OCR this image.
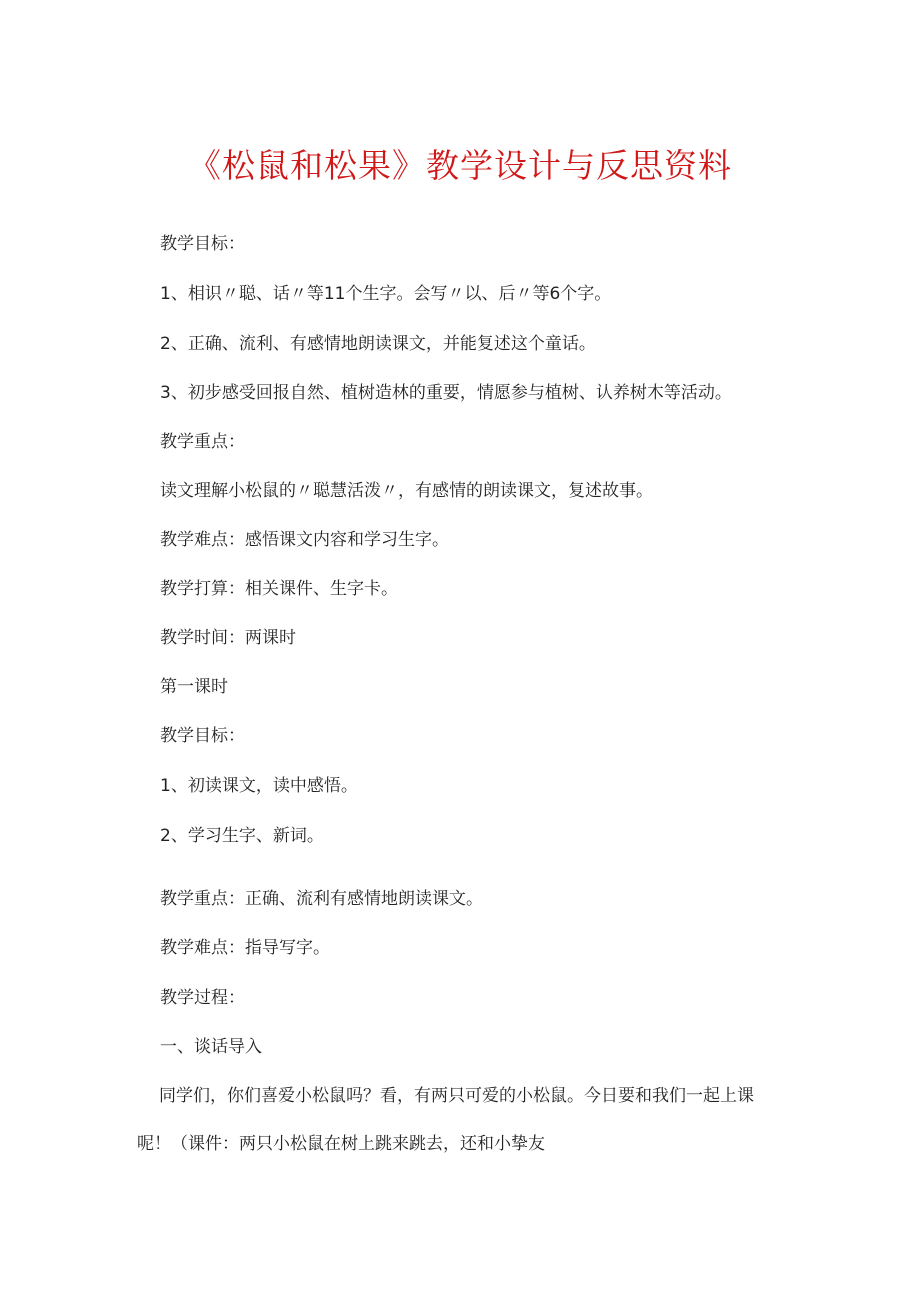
《松鼠和松果》教学设计与反思资料

教学目标：

1、相识〃聪、话〃等11个生字。会写〃以、后〃等6个字。

2、正确、流利、有感情地朗读课文，并能复述这个童话。

3、初步感受回报自然、植树造林的重要，情愿参与植树、认养树木等活动。

教学重点：

读文理解小松鼠的〃聪慧活泼〃，有感情的朗读课文，复述故事。

教学难点：感悟课文内容和学习生字。

教学打算：相关课件、生字卡。

教学时间：两课时

第一课时

教学目标：

1、初读课文，读中感悟。

2、学习生字、新词。

教学重点：正确、流利有感情地朗读课文。

教学难点：指导写字。

教学过程：

一、谈话导入

同学们，你们喜爱小松鼠吗？看，有两只可爱的小松鼠。今日要和我们一起上课呢！（课件：两只小松鼠在树上跳来跳去，还和小挚友
